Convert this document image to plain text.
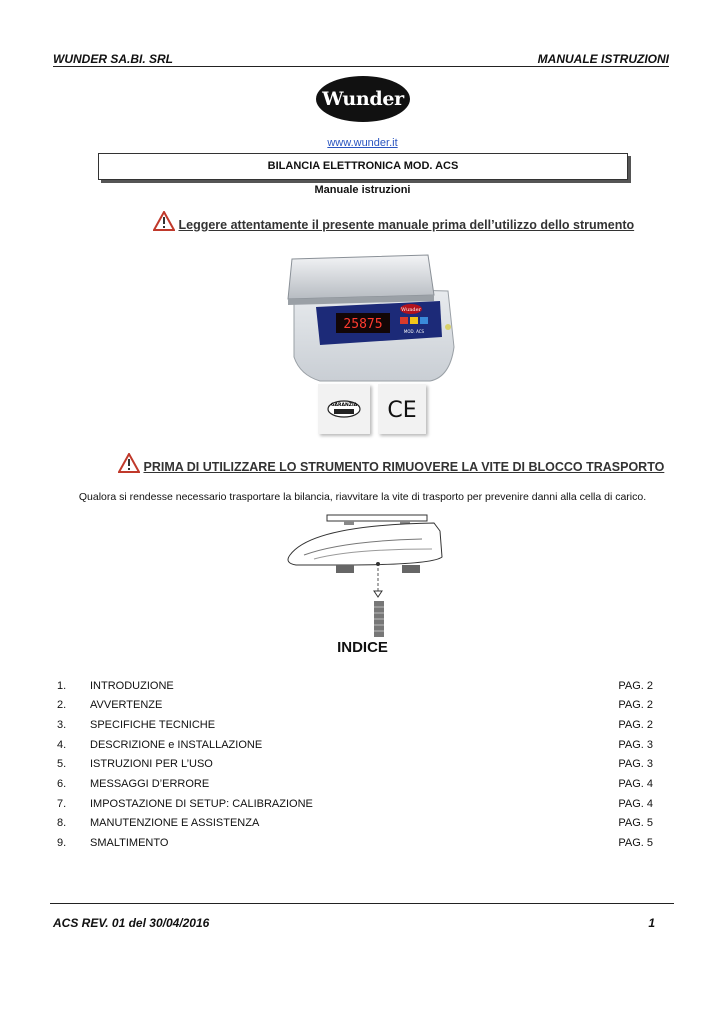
WUNDER SA.BI. SRL	MANUALE ISTRUZIONI
Wunder
www.wunder.it
BILANCIA ELETTRONICA MOD. ACS
Manuale istruzioni
Leggere attentamente il presente manuale prima dell’utilizzo dello strumento
25875
Wunder
MOD. ACS
GARANZIA CE
PRIMA DI UTILIZZARE LO STRUMENTO RIMUOVERE LA VITE DI BLOCCO TRASPORTO
Qualora si rendesse necessario trasportare la bilancia, riavvitare la vite di trasporto per prevenire danni alla cella di carico.
INDICE
1. INTRODUZIONE	PAG. 2
2. AVVERTENZE	PAG. 2
3. SPECIFICHE TECNICHE	PAG. 2
4. DESCRIZIONE e INSTALLAZIONE	PAG. 3
5. ISTRUZIONI PER L’USO	PAG. 3
6. MESSAGGI D’ERRORE	PAG. 4
7. IMPOSTAZIONE DI SETUP: CALIBRAZIONE	PAG. 4
8. MANUTENZIONE E ASSISTENZA	PAG. 5
9. SMALTIMENTO	PAG. 5
ACS REV. 01 del 30/04/2016	1
